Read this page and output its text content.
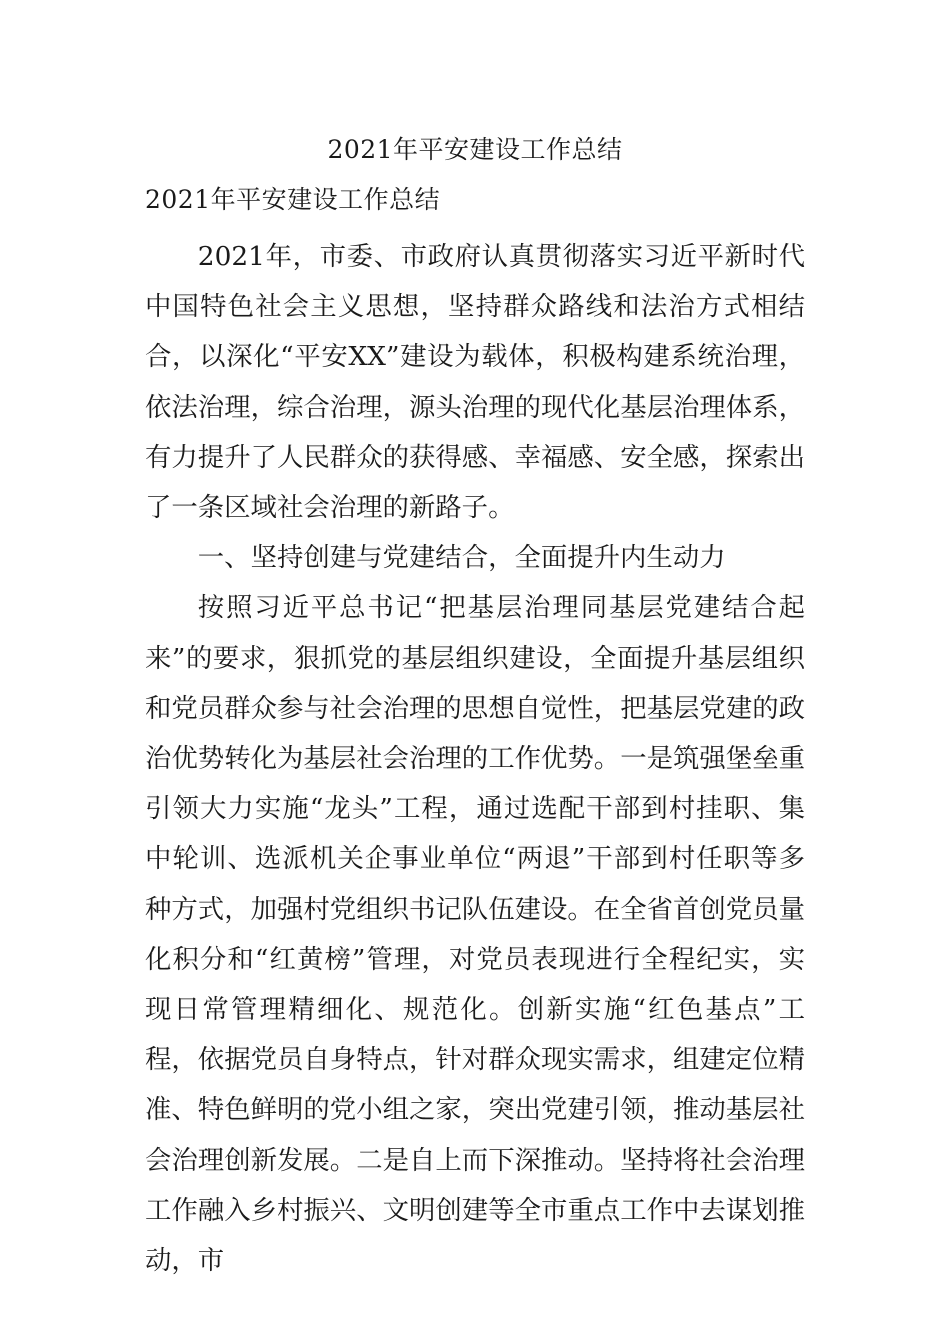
2021年平安建设工作总结
2021年平安建设工作总结

2021年，市委、市政府认真贯彻落实习近平新时代中国特色社会主义思想，坚持群众路线和法治方式相结合，以深化“平安XX”建设为载体，积极构建系统治理，依法治理，综合治理，源头治理的现代化基层治理体系，有力提升了人民群众的获得感、幸福感、安全感，探索出了一条区域社会治理的新路子。

一、坚持创建与党建结合，全面提升内生动力

按照习近平总书记“把基层治理同基层党建结合起来”的要求，狠抓党的基层组织建设，全面提升基层组织和党员群众参与社会治理的思想自觉性，把基层党建的政治优势转化为基层社会治理的工作优势。一是筑强堡垒重引领大力实施“龙头”工程，通过选配干部到村挂职、集中轮训、选派机关企事业单位“两退”干部到村任职等多种方式，加强村党组织书记队伍建设。在全省首创党员量化积分和“红黄榜”管理，对党员表现进行全程纪实，实现日常管理精细化、规范化。创新实施“红色基点”工程，依据党员自身特点，针对群众现实需求，组建定位精准、特色鲜明的党小组之家，突出党建引领，推动基层社会治理创新发展。二是自上而下深推动。坚持将社会治理工作融入乡村振兴、文明创建等全市重点工作中去谋划推动，市
